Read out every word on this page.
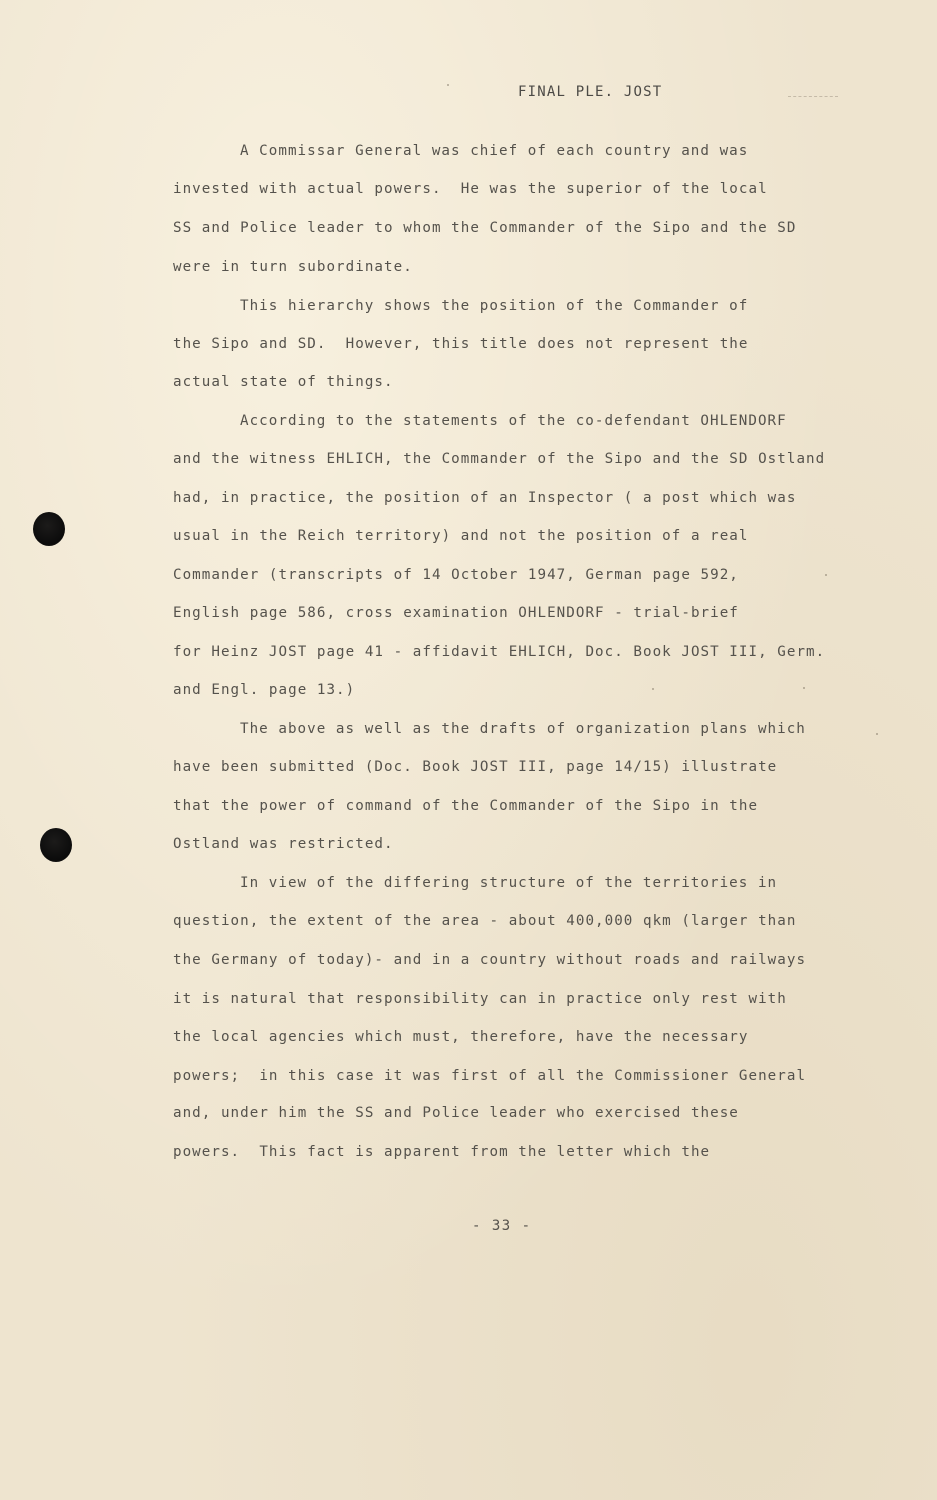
FINAL PLE. JOST
A Commissar General was chief of each country and was
invested with actual powers.  He was the superior of the local
SS and Police leader to whom the Commander of the Sipo and the SD
were in turn subordinate.
This hierarchy shows the position of the Commander of
the Sipo and SD.  However, this title does not represent the
actual state of things.
According to the statements of the co-defendant OHLENDORF
and the witness EHLICH, the Commander of the Sipo and the SD Ostland
had, in practice, the position of an Inspector ( a post which was
usual in the Reich territory) and not the position of a real
Commander (transcripts of 14 October 1947, German page 592,
English page 586, cross examination OHLENDORF - trial-brief
for Heinz JOST page 41 - affidavit EHLICH, Doc. Book JOST III, Germ.
and Engl. page 13.)
The above as well as the drafts of organization plans which
have been submitted (Doc. Book JOST III, page 14/15) illustrate
that the power of command of the Commander of the Sipo in the
Ostland was restricted.
In view of the differing structure of the territories in
question, the extent of the area - about 400,000 qkm (larger than
the Germany of today)- and in a country without roads and railways
it is natural that responsibility can in practice only rest with
the local agencies which must, therefore, have the necessary
powers;  in this case it was first of all the Commissioner General
and, under him the SS and Police leader who exercised these
powers.  This fact is apparent from the letter which the
- 33 -
